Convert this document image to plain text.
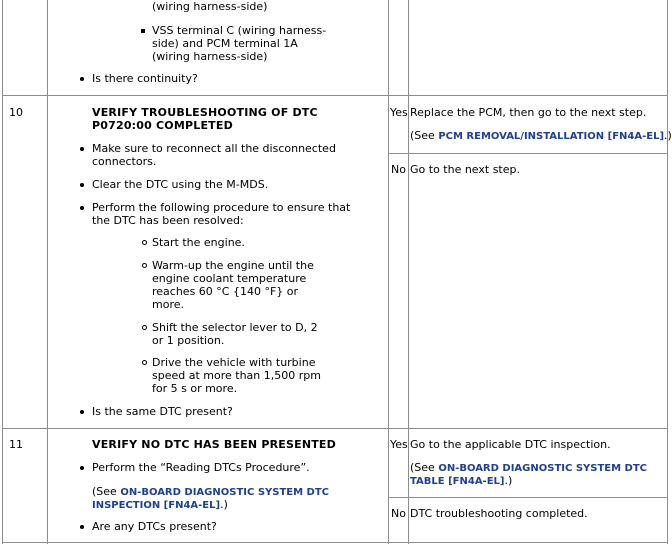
(wiring harness-side)
VSS terminal C (wiring harness-
side) and PCM terminal 1A
(wiring harness-side)
Is there continuity?
10	VERIFY TROUBLESHOOTING OF DTC
P0720:00 COMPLETED
Make sure to reconnect all the disconnected
connectors.
Clear the DTC using the M-MDS.
Perform the following procedure to ensure that
the DTC has been resolved:
Start the engine.
Warm-up the engine until the
engine coolant temperature
reaches 60 °C {140 °F} or
more.
Shift the selector lever to D, 2
or 1 position.
Drive the vehicle with turbine
speed at more than 1,500 rpm
for 5 s or more.
Is the same DTC present?
Yes Replace the PCM, then go to the next step.
(See PCM REMOVAL/INSTALLATION [FN4A-EL].)
No Go to the next step.
11	VERIFY NO DTC HAS BEEN PRESENTED
Perform the “Reading DTCs Procedure”.
(See ON-BOARD DIAGNOSTIC SYSTEM DTC
INSPECTION [FN4A-EL].)
Are any DTCs present?
Yes Go to the applicable DTC inspection.
(See ON-BOARD DIAGNOSTIC SYSTEM DTC
TABLE [FN4A-EL].)
No DTC troubleshooting completed.
